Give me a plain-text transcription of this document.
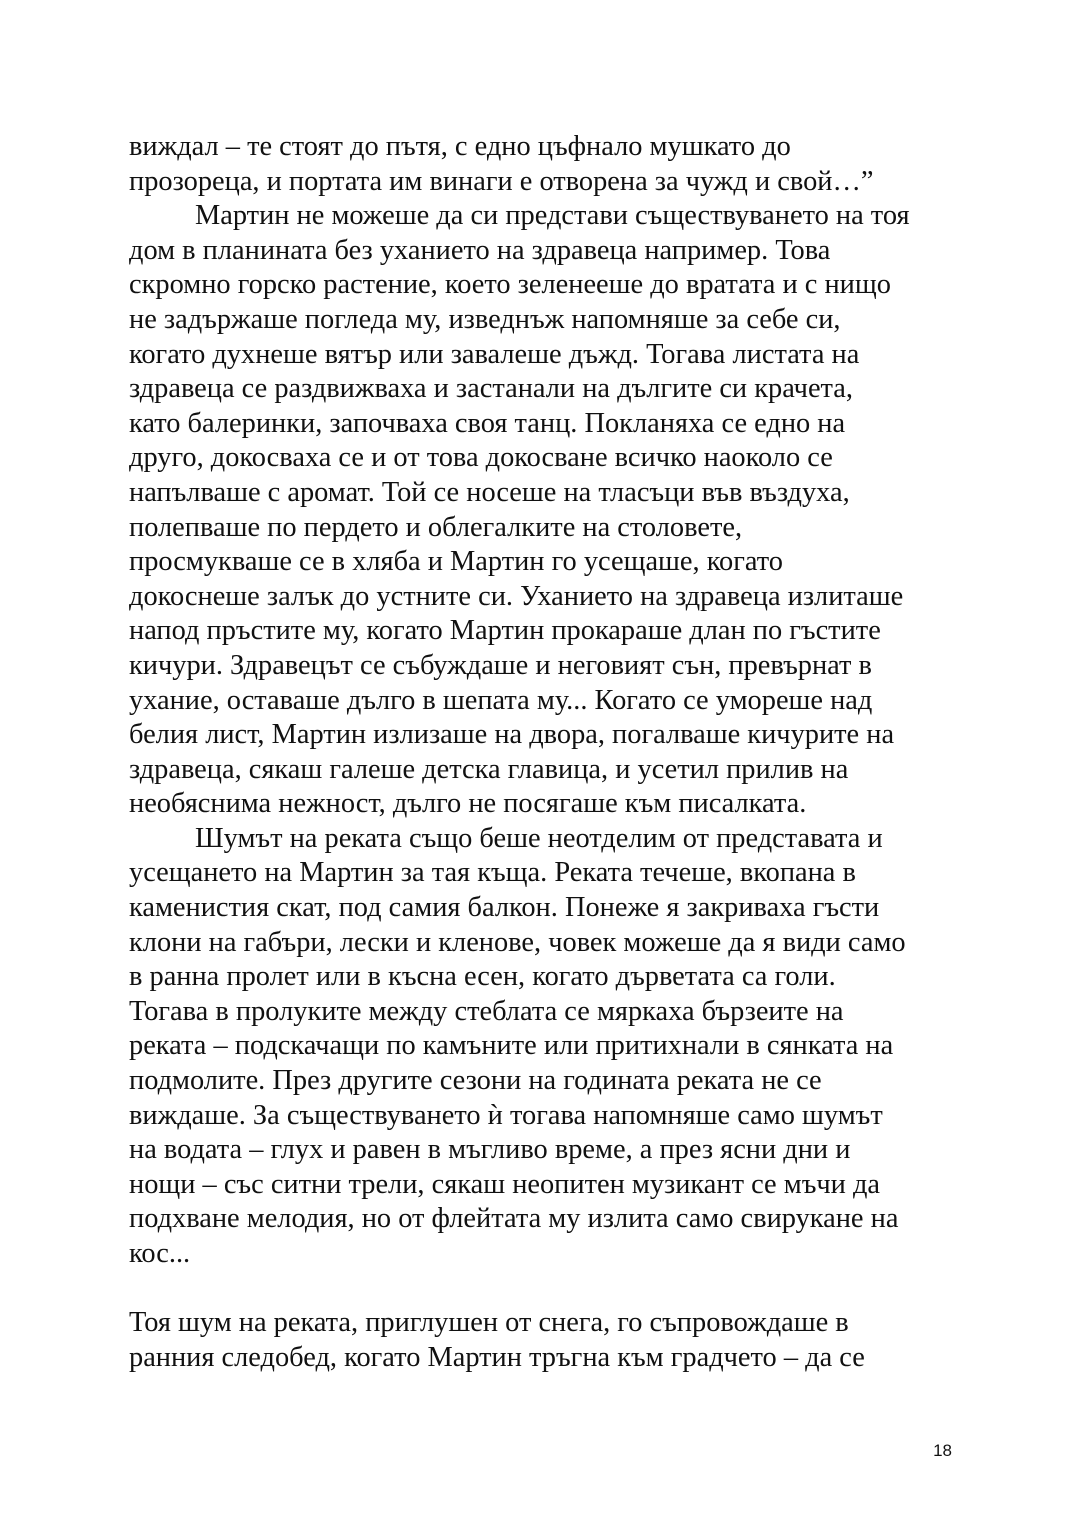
виждал – те стоят до пътя, с едно цъфнало мушкато до
прозореца, и портата им винаги е отворена за чужд и свой…”
Мартин не можеше да си представи съществуването на тоя
дом в планината без уханието на здравеца например. Това
скромно горско растение, което зеленееше до вратата и с нищо
не задържаше погледа му, изведнъж напомняше за себе си,
когато духнеше вятър или завалеше дъжд. Тогава листата на
здравеца се раздвижваха и застанали на дългите си крачета,
като балеринки, започваха своя танц. Покланяха се едно на
друго, докосваха се и от това докосване всичко наоколо се
напълваше с аромат. Той се носеше на тласъци във въздуха,
полепваше по пердето и облегалките на столовете,
просмукваше се в хляба и Мартин го усещаше, когато
докоснеше залък до устните си. Уханието на здравеца излиташе
напод пръстите му, когато Мартин прокараше длан по гъстите
кичури. Здравецът се събуждаше и неговият сън, превърнат в
ухание, оставаше дълго в шепата му... Когато се уморeше над
белия лист, Мартин излизаше на двора, погалваше кичурите на
здравеца, сякаш галеше детска главица, и усетил прилив на
необяснима нежност, дълго не посягаше към писалката.
Шумът на реката също беше неотделим от представата и
усещането на Мартин за тая къща. Реката течеше, вкопана в
каменистия скат, под самия балкон. Понеже я закриваха гъсти
клони на габъри, лески и кленове, човек можеше да я види само
в ранна пролет или в късна есен, когато дърветата са голи.
Тогава в пролуките между стеблата се мяркаха бързеите на
реката – подскачащи по камъните или притихнали в сянката на
подмолите. През другите сезони на годината реката не се
виждаше. За съществуването ѝ тогава напомняше само шумът
на водата – глух и равен в мъгливо време, а през ясни дни и
нощи – със ситни трели, сякаш неопитен музикант се мъчи да
подхване мелодия, но от флейтата му излита само свирукане на
кос...
Тоя шум на реката, приглушен от снега, го съпровождаше в
ранния следобед, когато Мартин тръгна към градчето – да се
18
